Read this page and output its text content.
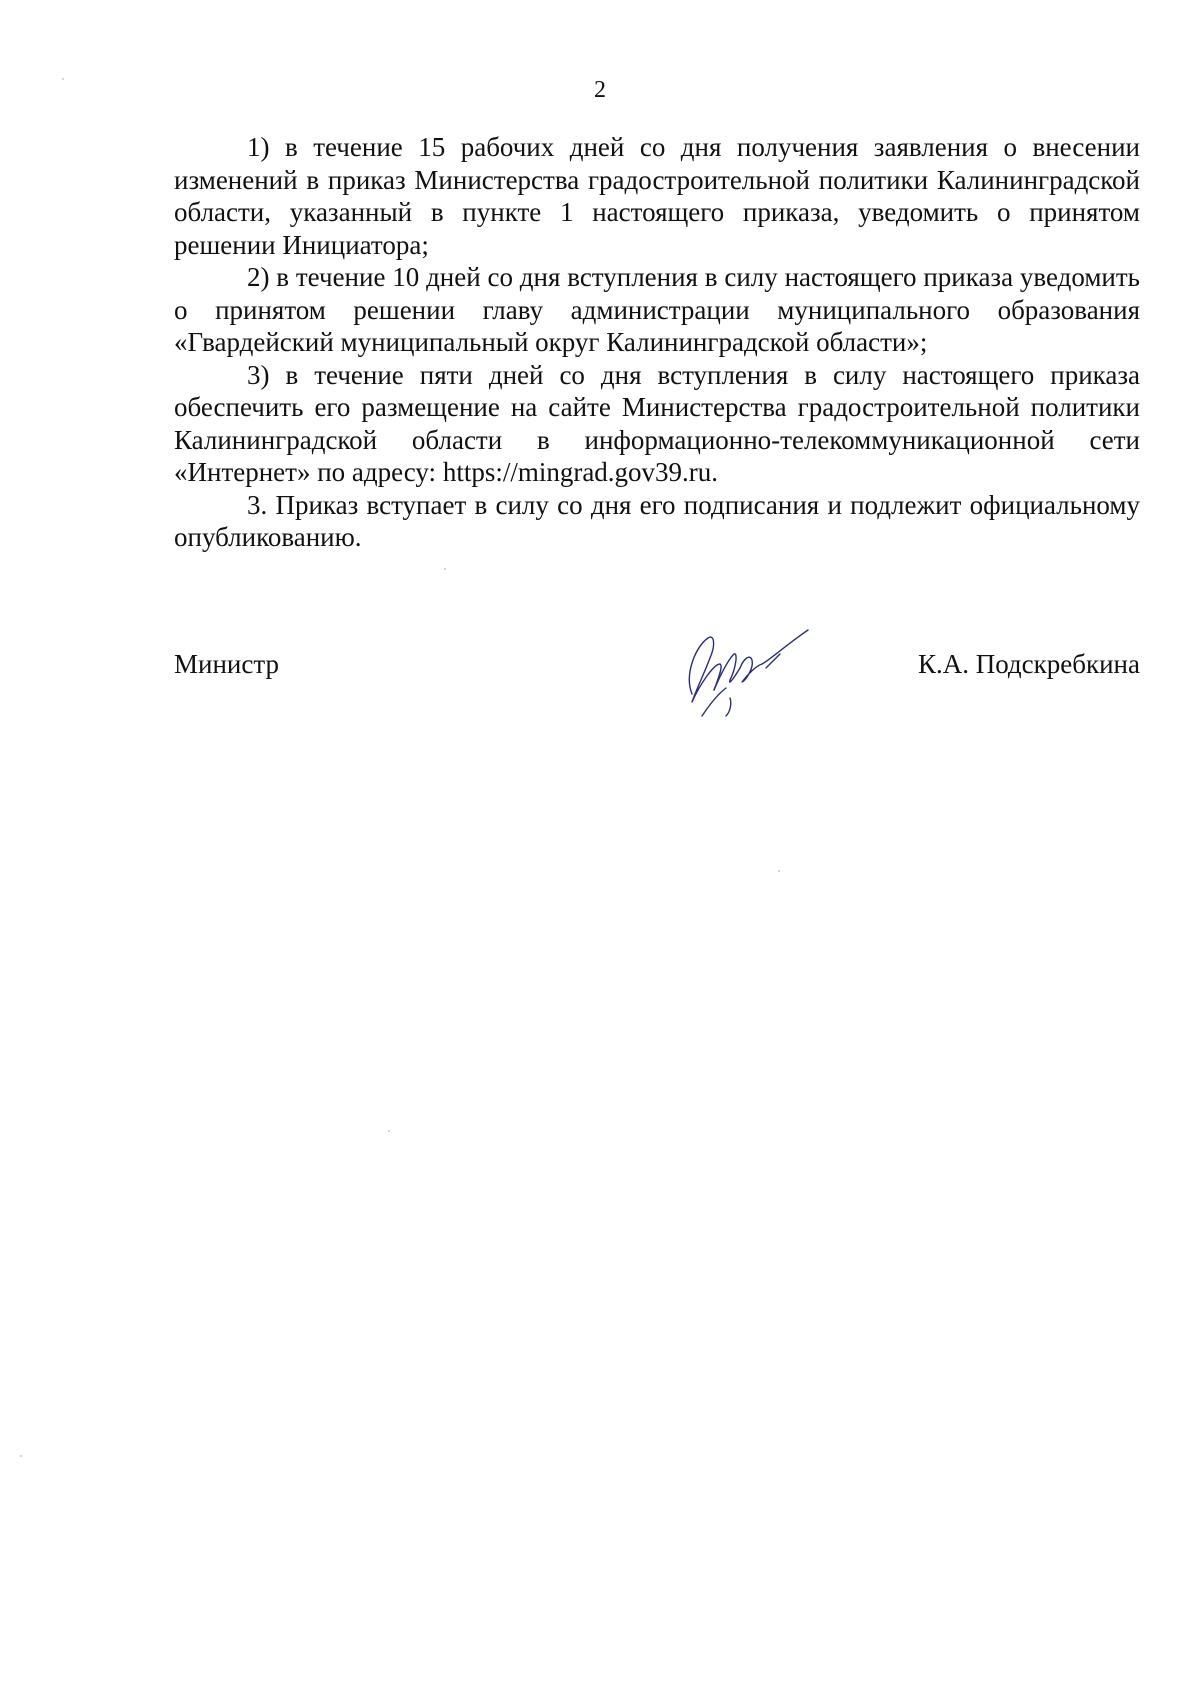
2

1) в течение 15 рабочих дней со дня получения заявления о внесении изменений в приказ Министерства градостроительной политики Калининградской области, указанный в пункте 1 настоящего приказа, уведомить о принятом решении Инициатора;

2) в течение 10 дней со дня вступления в силу настоящего приказа уведомить о принятом решении главу администрации муниципального образования «Гвардейский муниципальный округ Калининградской области»;

3) в течение пяти дней со дня вступления в силу настоящего приказа обеспечить его размещение на сайте Министерства градостроительной политики Калининградской области в информационно-телекоммуникационной сети «Интернет» по адресу: https://mingrad.gov39.ru.

3. Приказ вступает в силу со дня его подписания и подлежит официальному опубликованию.

Министр	К.А. Подскребкина
